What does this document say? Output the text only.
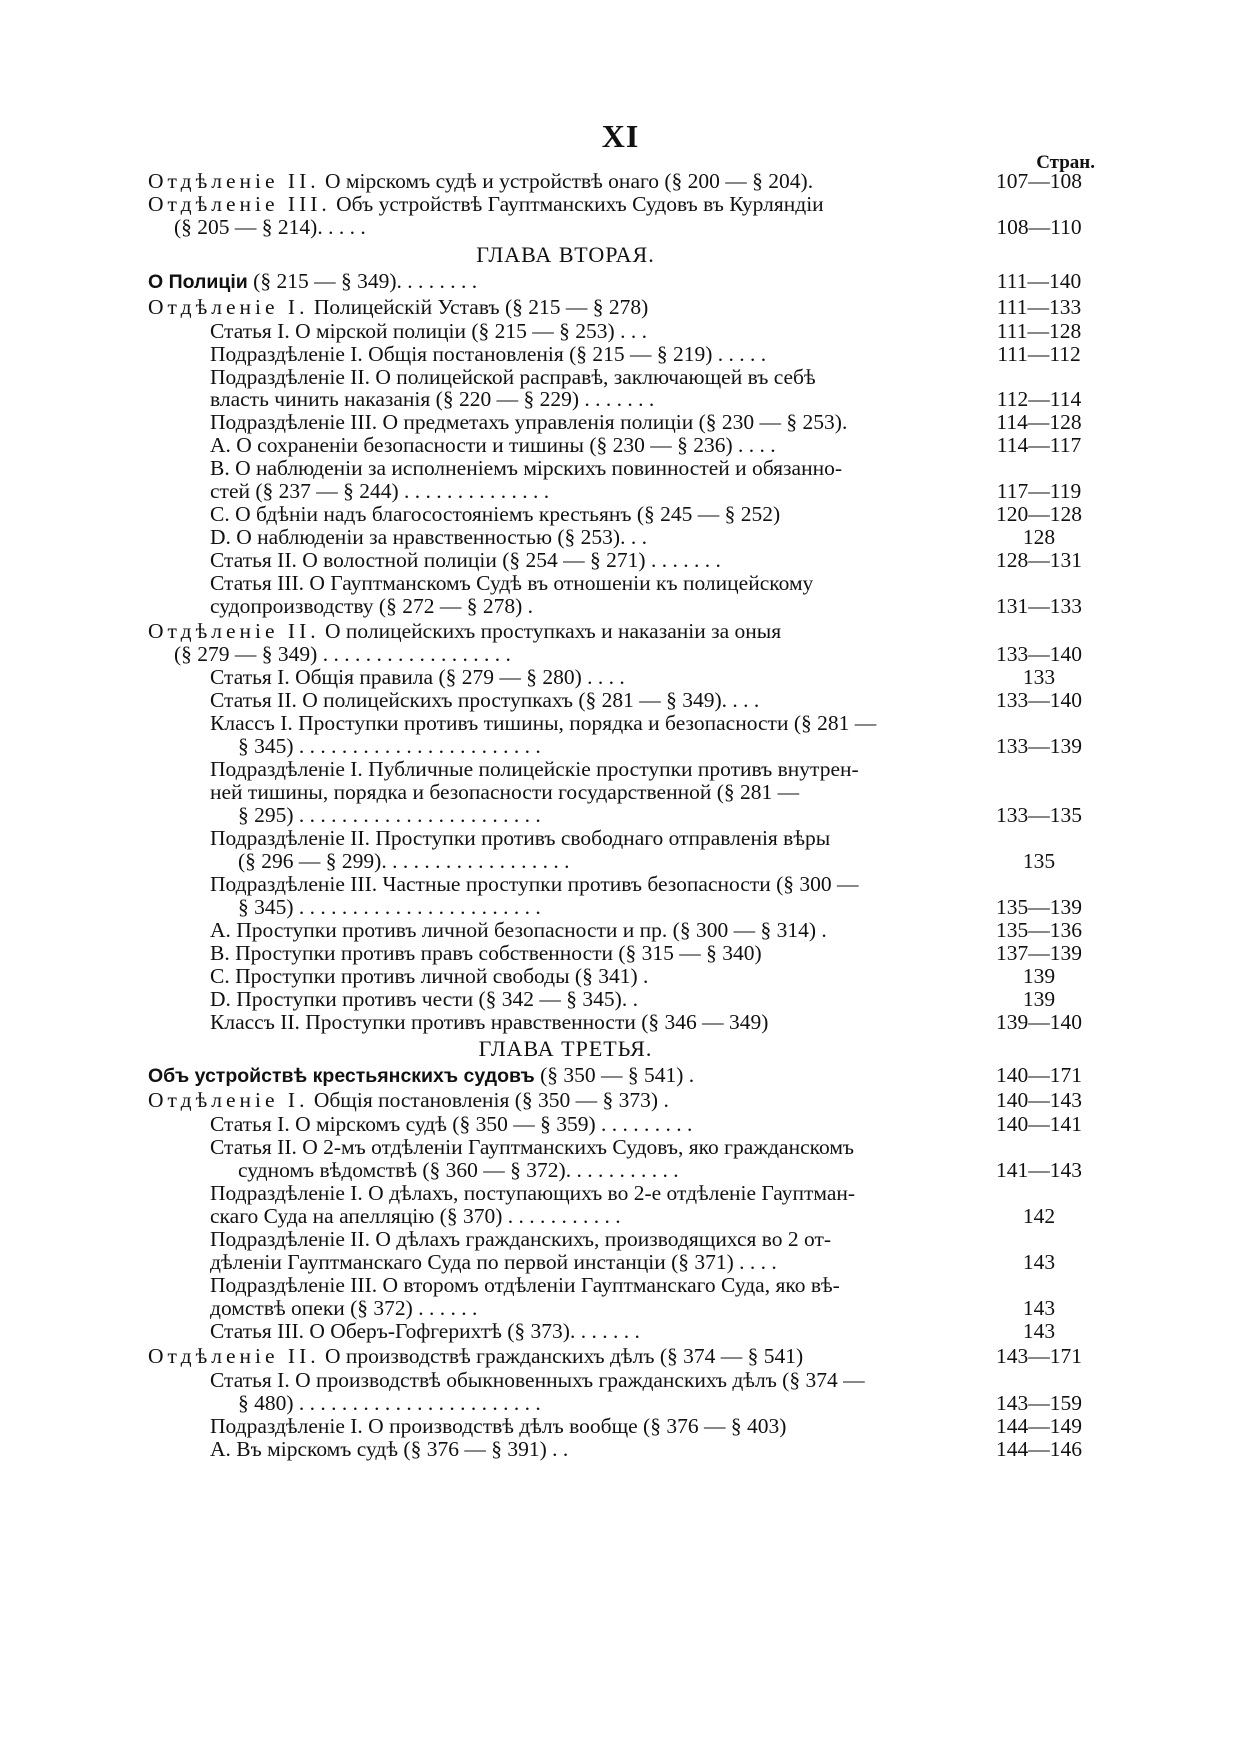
XI
Стран.
Отдѣленіе II. О мірскомъ судѣ и устройствѣ онаго (§ 200 — § 204).	107—108
Отдѣленіе III. Объ устройствѣ Гауптманскихъ Судовъ въ Курляндіи
(§ 205 — § 214). . . . .	108—110
ГЛАВА ВТОРАЯ.
О Полиціи (§ 215 — § 349). . . . . . . .	111—140
Отдѣленіе I. Полицейскій Уставъ (§ 215 — § 278)	111—133
Статья I. О мірской полиціи (§ 215 — § 253) . . .	111—128
Подраздѣленіе I. Общія постановленія (§ 215 — § 219) . . . . .	111—112
Подраздѣленіе II. О полицейской расправѣ, заключающей въ себѣ
власть чинить наказанія (§ 220 — § 229) . . . . . . .	112—114
Подраздѣленіе III. О предметахъ управленія полиціи (§ 230 — § 253).	114—128
А. О сохраненіи безопасности и тишины (§ 230 — § 236) . . . .	114—117
В. О наблюденіи за исполненіемъ мірскихъ повинностей и обязанно-
стей (§ 237 — § 244) . . . . . . . . . . . . . .	117—119
С. О бдѣніи надъ благосостояніемъ крестьянъ (§ 245 — § 252)	120—128
D. О наблюденіи за нравственностью (§ 253). . .	128
Статья II. О волостной полиціи (§ 254 — § 271) . . . . . . .	128—131
Статья III. О Гауптманскомъ Судѣ въ отношеніи къ полицейскому
судопроизводству (§ 272 — § 278) .	131—133
Отдѣленіе II. О полицейскихъ проступкахъ и наказаніи за оныя
(§ 279 — § 349) . . . . . . . . . . . . . . . . . .	133—140
Статья I. Общія правила (§ 279 — § 280) . . . .	133
Статья II. О полицейскихъ проступкахъ (§ 281 — § 349). . . .	133—140
Классъ I. Проступки противъ тишины, порядка и безопасности (§ 281 —
§ 345) . . . . . . . . . . . . . . . . . . . . . . .	133—139
Подраздѣленіе I. Публичные полицейскіе проступки противъ внутрен-
ней тишины, порядка и безопасности государственной (§ 281 —
§ 295) . . . . . . . . . . . . . . . . . . . . . . .	133—135
Подраздѣленіе II. Проступки противъ свободнаго отправленія вѣры
(§ 296 — § 299). . . . . . . . . . . . . . . . . .	135
Подраздѣленіе III. Частные проступки противъ безопасности (§ 300 —
§ 345) . . . . . . . . . . . . . . . . . . . . . . .	135—139
А. Проступки противъ личной безопасности и пр. (§ 300 — § 314) .	135—136
В. Проступки противъ правъ собственности (§ 315 — § 340)	137—139
С. Проступки противъ личной свободы (§ 341) .	139
D. Проступки противъ чести (§ 342 — § 345). .	139
Классъ II. Проступки противъ нравственности (§ 346 — 349)	139—140
ГЛАВА ТРЕТЬЯ.
Объ устройствѣ крестьянскихъ судовъ (§ 350 — § 541) .	140—171
Отдѣленіе I. Общія постановленія (§ 350 — § 373) .	140—143
Статья I. О мірскомъ судѣ (§ 350 — § 359) . . . . . . . . .	140—141
Статья II. О 2-мъ отдѣленіи Гауптманскихъ Судовъ, яко гражданскомъ
судномъ вѣдомствѣ (§ 360 — § 372). . . . . . . . . . .	141—143
Подраздѣленіе I. О дѣлахъ, поступающихъ во 2-е отдѣленіе Гауптман-
скаго Суда на апелляцію (§ 370) . . . . . . . . . . .	142
Подраздѣленіе II. О дѣлахъ гражданскихъ, производящихся во 2 от-
дѣленіи Гауптманскаго Суда по первой инстанціи (§ 371) . . . .	143
Подраздѣленіе III. О второмъ отдѣленіи Гауптманскаго Суда, яко вѣ-
домствѣ опеки (§ 372) . . . . . .	143
Статья III. О Оберъ-Гофгерихтѣ (§ 373). . . . . . .	143
Отдѣленіе II. О производствѣ гражданскихъ дѣлъ (§ 374 — § 541)	143—171
Статья I. О производствѣ обыкновенныхъ гражданскихъ дѣлъ (§ 374 —
§ 480) . . . . . . . . . . . . . . . . . . . . . . .	143—159
Подраздѣленіе I. О производствѣ дѣлъ вообще (§ 376 — § 403)	144—149
А. Въ мірскомъ судѣ (§ 376 — § 391) . .	144—146
